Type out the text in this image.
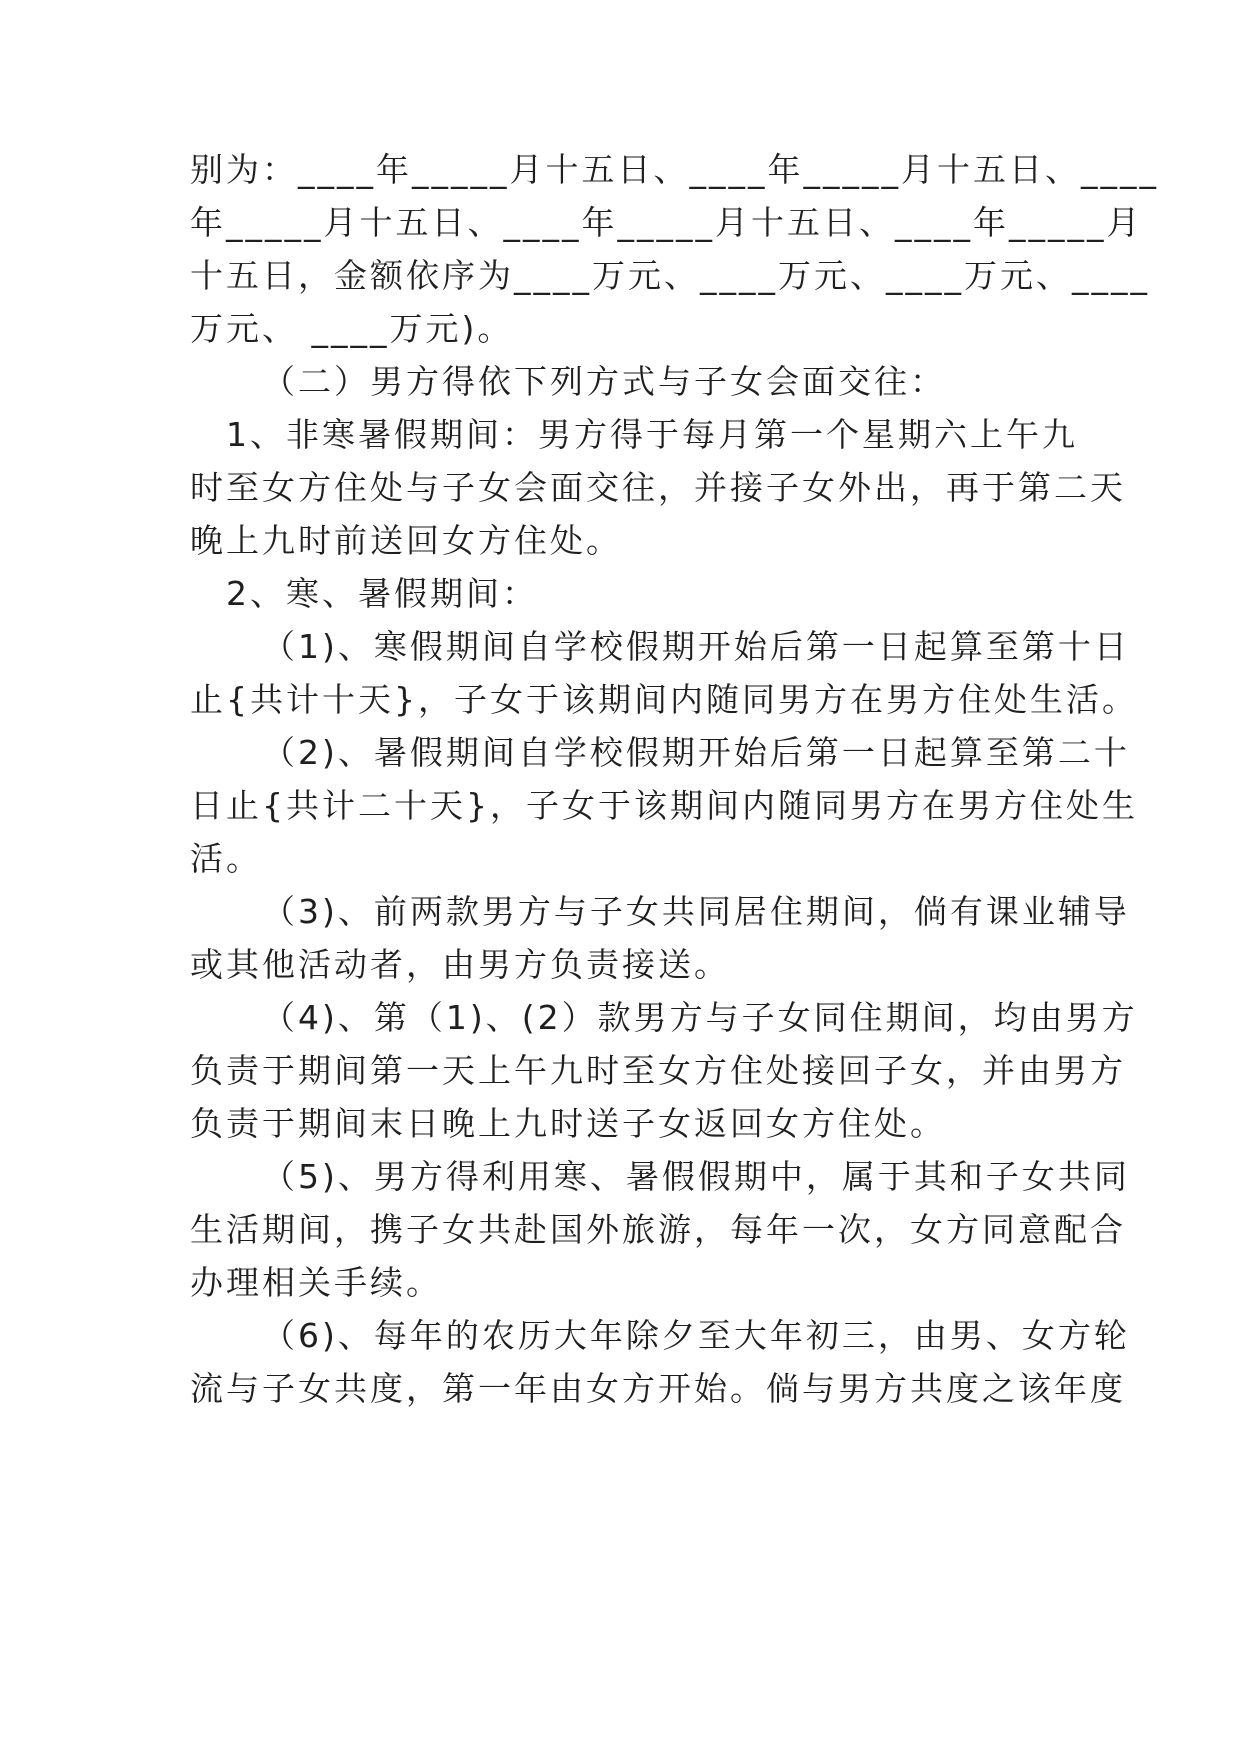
别为：____年_____月十五日、____年_____月十五日、____
年_____月十五日、____年_____月十五日、____年_____月
十五日，金额依序为____万元、____万元、____万元、____
万元、 ____万元)。
（二）男方得依下列方式与子女会面交往：
1、非寒暑假期间：男方得于每月第一个星期六上午九
时至女方住处与子女会面交往，并接子女外出，再于第二天
晚上九时前送回女方住处。
2、寒、暑假期间：
（1)、寒假期间自学校假期开始后第一日起算至第十日
止{共计十天}，子女于该期间内随同男方在男方住处生活。
（2)、暑假期间自学校假期开始后第一日起算至第二十
日止{共计二十天}，子女于该期间内随同男方在男方住处生
活。
（3)、前两款男方与子女共同居住期间，倘有课业辅导
或其他活动者，由男方负责接送。
（4)、第（1)、(2）款男方与子女同住期间，均由男方
负责于期间第一天上午九时至女方住处接回子女，并由男方
负责于期间末日晚上九时送子女返回女方住处。
（5)、男方得利用寒、暑假假期中，属于其和子女共同
生活期间，携子女共赴国外旅游，每年一次，女方同意配合
办理相关手续。
（6)、每年的农历大年除夕至大年初三，由男、女方轮
流与子女共度，第一年由女方开始。倘与男方共度之该年度
